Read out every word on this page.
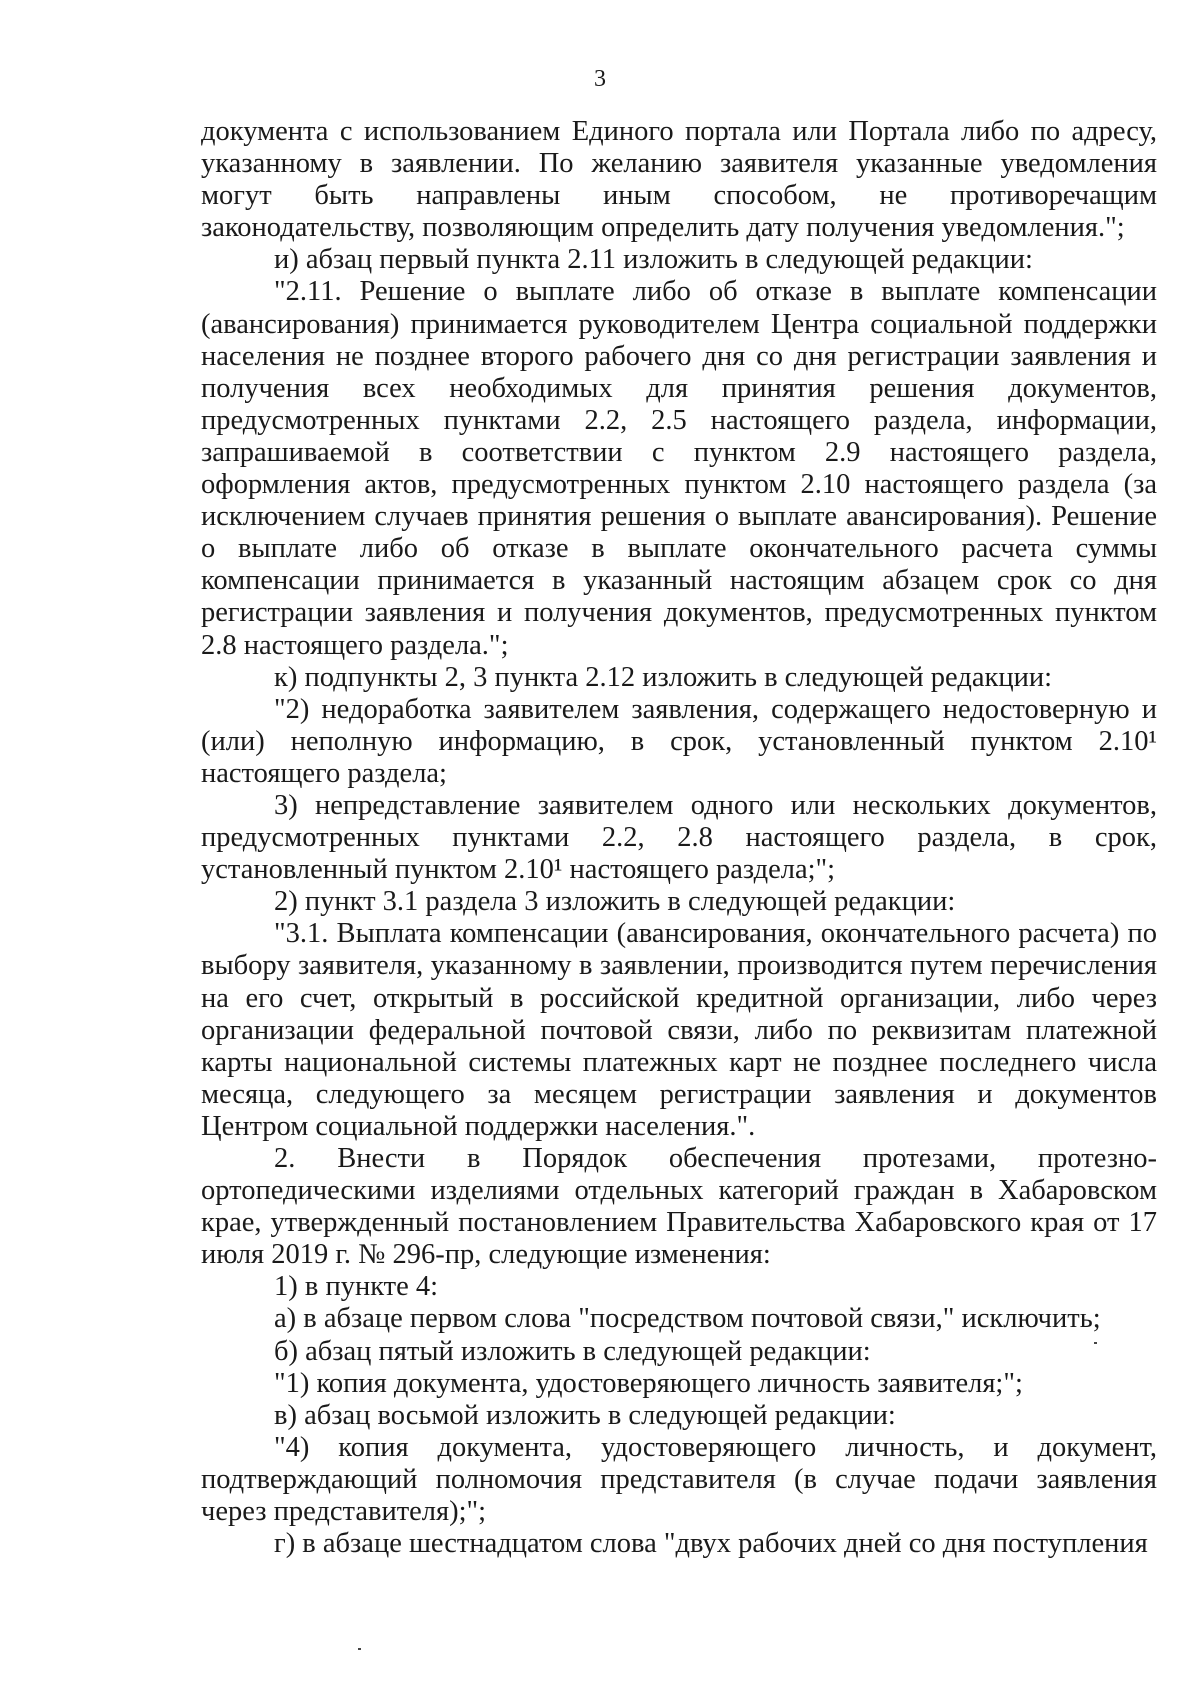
3

документа с использованием Единого портала или Портала либо по адресу, указанному в заявлении. По желанию заявителя указанные уведомления могут быть направлены иным способом, не противоречащим законодательству, позволяющим определить дату получения уведомления.";

и) абзац первый пункта 2.11 изложить в следующей редакции:

"2.11. Решение о выплате либо об отказе в выплате компенсации (авансирования) принимается руководителем Центра социальной поддержки населения не позднее второго рабочего дня со дня регистрации заявления и получения всех необходимых для принятия решения документов, предусмотренных пунктами 2.2, 2.5 настоящего раздела, информации, запрашиваемой в соответствии с пунктом 2.9 настоящего раздела, оформления актов, предусмотренных пунктом 2.10 настоящего раздела (за исключением случаев принятия решения о выплате авансирования). Решение о выплате либо об отказе в выплате окончательного расчета суммы компенсации принимается в указанный настоящим абзацем срок со дня регистрации заявления и получения документов, предусмотренных пунктом 2.8 настоящего раздела.";

к) подпункты 2, 3 пункта 2.12 изложить в следующей редакции:

"2) недоработка заявителем заявления, содержащего недостоверную и (или) неполную информацию, в срок, установленный пунктом 2.10¹ настоящего раздела;

3) непредставление заявителем одного или нескольких документов, предусмотренных пунктами 2.2, 2.8 настоящего раздела, в срок, установленный пунктом 2.10¹ настоящего раздела;";

2) пункт 3.1 раздела 3 изложить в следующей редакции:

"3.1. Выплата компенсации (авансирования, окончательного расчета) по выбору заявителя, указанному в заявлении, производится путем перечисления на его счет, открытый в российской кредитной организации, либо через организации федеральной почтовой связи, либо по реквизитам платежной карты национальной системы платежных карт не позднее последнего числа месяца, следующего за месяцем регистрации заявления и документов Центром социальной поддержки населения.".

2. Внести в Порядок обеспечения протезами, протезно-ортопедическими изделиями отдельных категорий граждан в Хабаровском крае, утвержденный постановлением Правительства Хабаровского края от 17 июля 2019 г. № 296-пр, следующие изменения:

1) в пункте 4:

а) в абзаце первом слова "посредством почтовой связи," исключить;

б) абзац пятый изложить в следующей редакции:

"1) копия документа, удостоверяющего личность заявителя;";

в) абзац восьмой изложить в следующей редакции:

"4) копия документа, удостоверяющего личность, и документ, подтверждающий полномочия представителя (в случае подачи заявления через представителя);";

г) в абзаце шестнадцатом слова "двух рабочих дней со дня поступления
